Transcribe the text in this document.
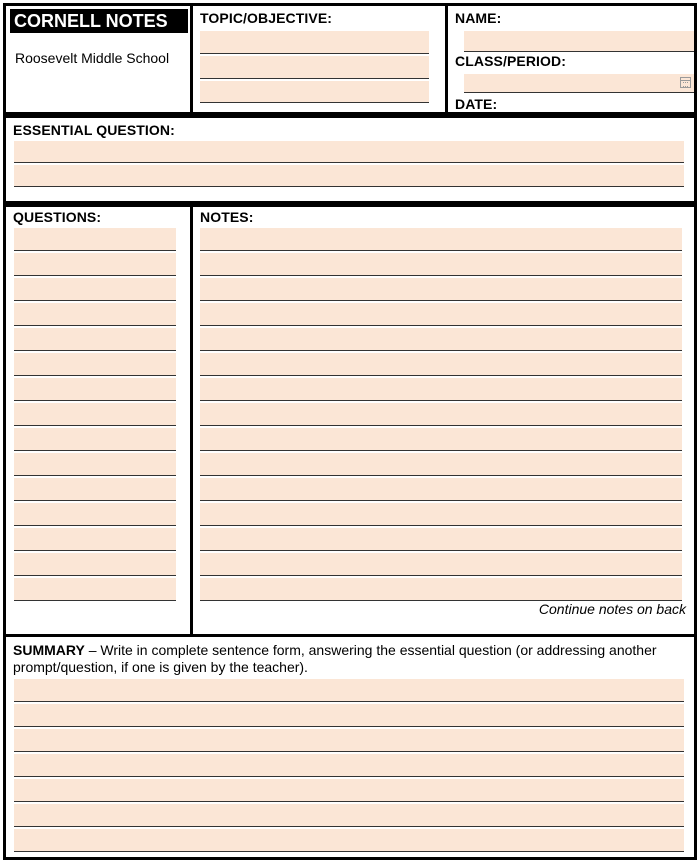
CORNELL NOTES
Roosevelt Middle School
TOPIC/OBJECTIVE:	NAME:
CLASS/PERIOD:
DATE:
ESSENTIAL QUESTION:
QUESTIONS:	NOTES:
Continue notes on back
SUMMARY – Write in complete sentence form, answering the essential question (or addressing another prompt/question, if one is given by the teacher).
